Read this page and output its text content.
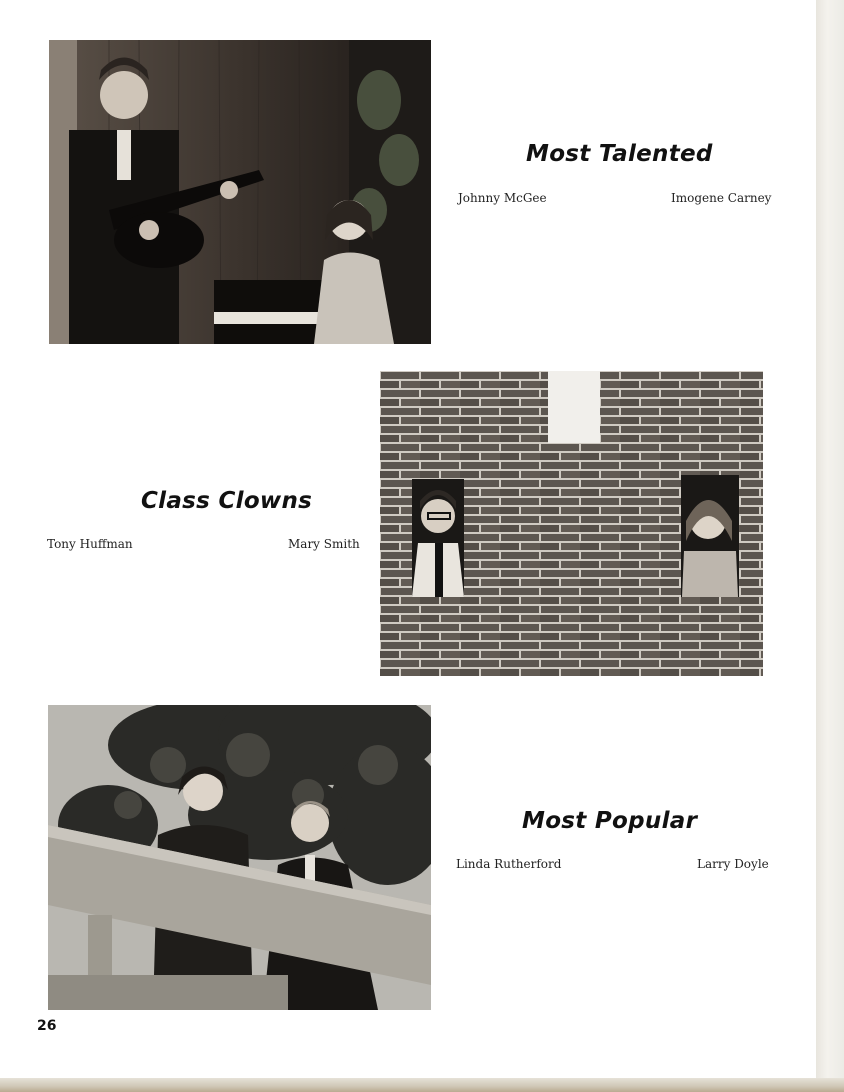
Most Talented
Johnny McGee	Imogene Carney
Class Clowns
Tony Huffman	Mary Smith
Most Popular
Linda Rutherford	Larry Doyle
26
